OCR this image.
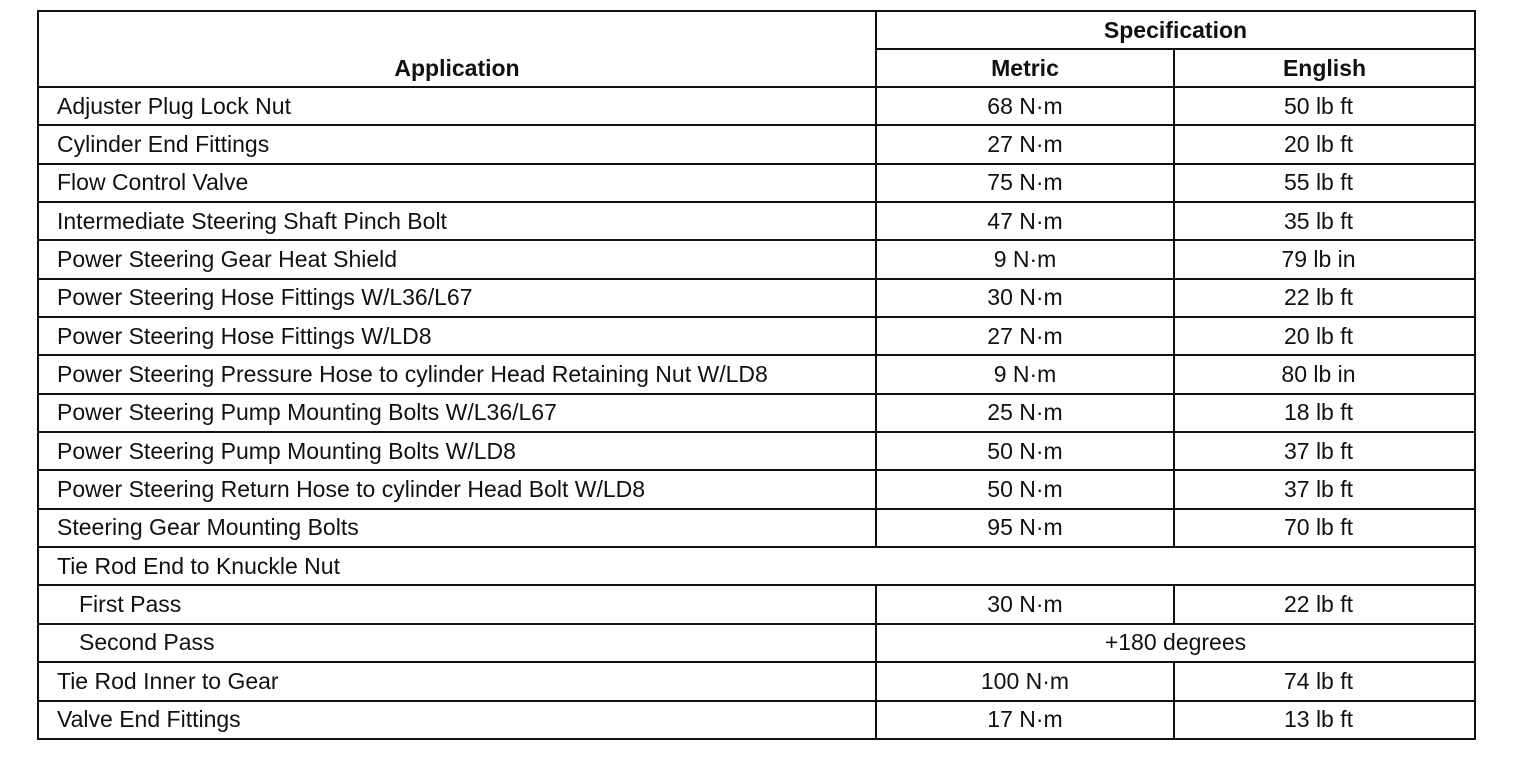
Application	Specification	
	Metric	English
Adjuster Plug Lock Nut	68 N·m	50 lb ft
Cylinder End Fittings	27 N·m	20 lb ft
Flow Control Valve	75 N·m	55 lb ft
Intermediate Steering Shaft Pinch Bolt	47 N·m	35 lb ft
Power Steering Gear Heat Shield	9 N·m	79 lb in
Power Steering Hose Fittings W/L36/L67	30 N·m	22 lb ft
Power Steering Hose Fittings W/LD8	27 N·m	20 lb ft
Power Steering Pressure Hose to cylinder Head Retaining Nut W/LD8	9 N·m	80 lb in
Power Steering Pump Mounting Bolts W/L36/L67	25 N·m	18 lb ft
Power Steering Pump Mounting Bolts W/LD8	50 N·m	37 lb ft
Power Steering Return Hose to cylinder Head Bolt W/LD8	50 N·m	37 lb ft
Steering Gear Mounting Bolts	95 N·m	70 lb ft
Tie Rod End to Knuckle Nut		
First Pass	30 N·m	22 lb ft
Second Pass	+180 degrees	
Tie Rod Inner to Gear	100 N·m	74 lb ft
Valve End Fittings	17 N·m	13 lb ft
